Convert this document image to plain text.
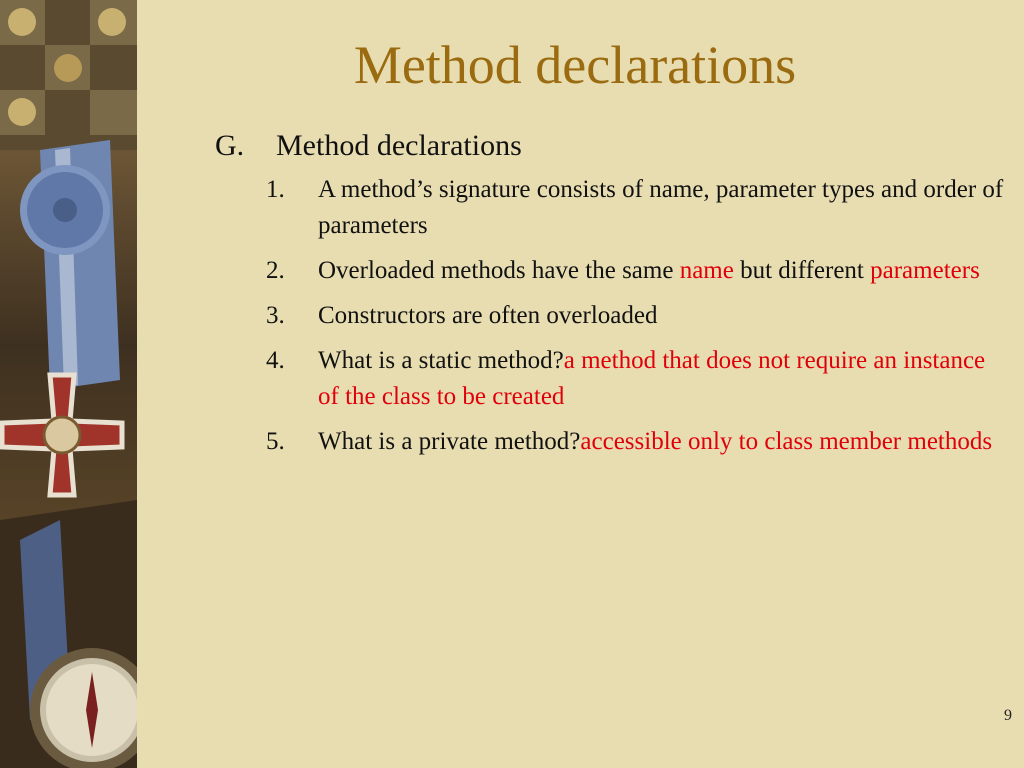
Method declarations
G.	Method declarations
1.	A method’s signature consists of name, parameter types and order of parameters
2.	Overloaded methods have the same name but different parameters
3.	Constructors are often overloaded
4.	What is a static method?a method that does not require an instance of the class to be created
5.	What is a private method?accessible only to class member methods
9
